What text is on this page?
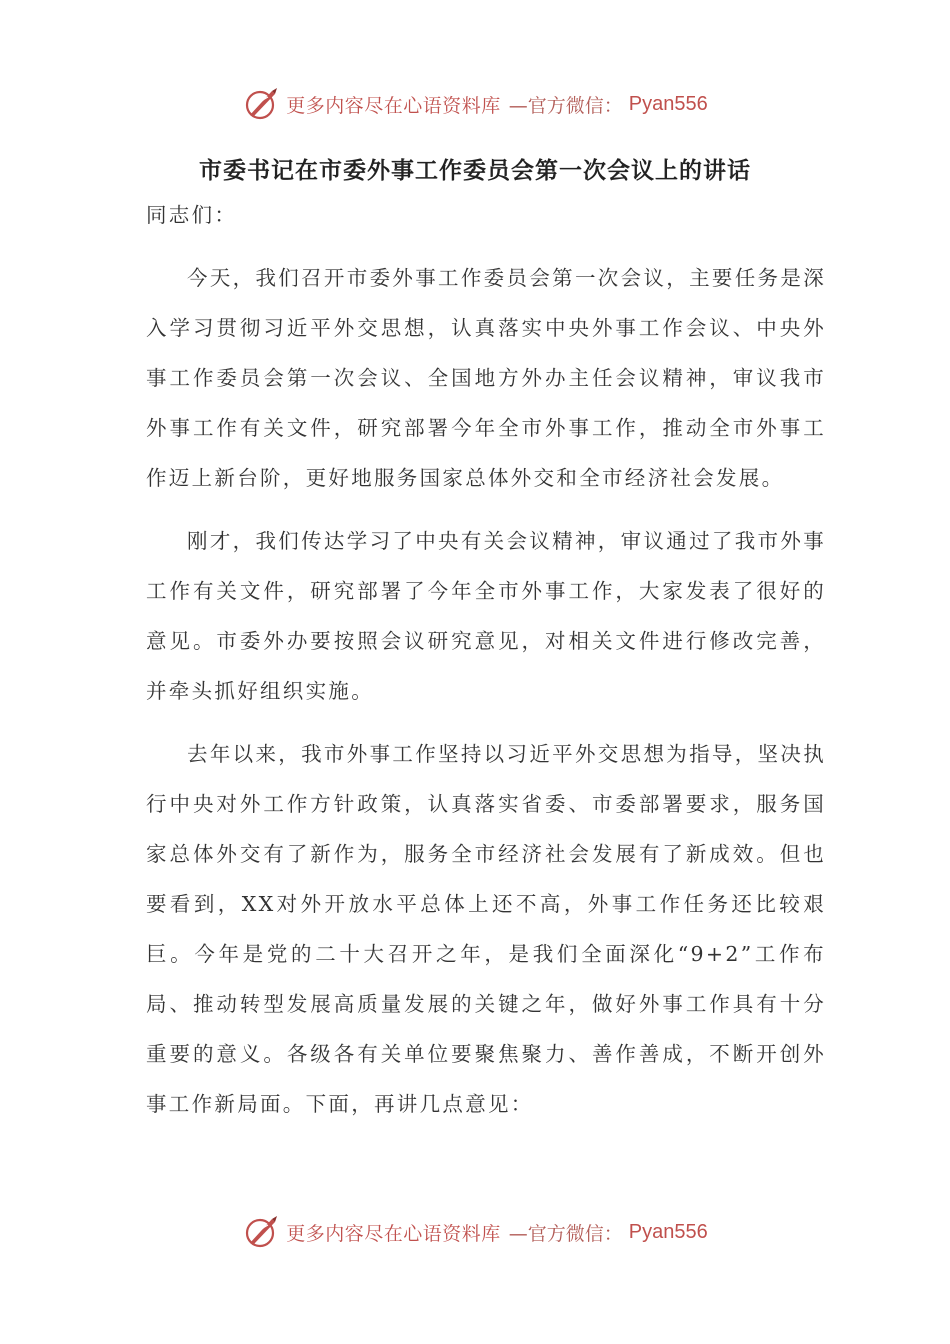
更多内容尽在心语资料库 —官方微信： Pyan556
市委书记在市委外事工作委员会第一次会议上的讲话

同志们：

今天，我们召开市委外事工作委员会第一次会议，主要任务是深入学习贯彻习近平外交思想，认真落实中央外事工作会议、中央外事工作委员会第一次会议、全国地方外办主任会议精神，审议我市外事工作有关文件，研究部署今年全市外事工作，推动全市外事工作迈上新台阶，更好地服务国家总体外交和全市经济社会发展。

刚才，我们传达学习了中央有关会议精神，审议通过了我市外事工作有关文件，研究部署了今年全市外事工作，大家发表了很好的意见。市委外办要按照会议研究意见，对相关文件进行修改完善，并牵头抓好组织实施。

去年以来，我市外事工作坚持以习近平外交思想为指导，坚决执行中央对外工作方针政策，认真落实省委、市委部署要求，服务国家总体外交有了新作为，服务全市经济社会发展有了新成效。但也要看到，XX对外开放水平总体上还不高，外事工作任务还比较艰巨。今年是党的二十大召开之年，是我们全面深化“9+2”工作布局、推动转型发展高质量发展的关键之年，做好外事工作具有十分重要的意义。各级各有关单位要聚焦聚力、善作善成，不断开创外事工作新局面。下面，再讲几点意见：

更多内容尽在心语资料库 —官方微信： Pyan556
